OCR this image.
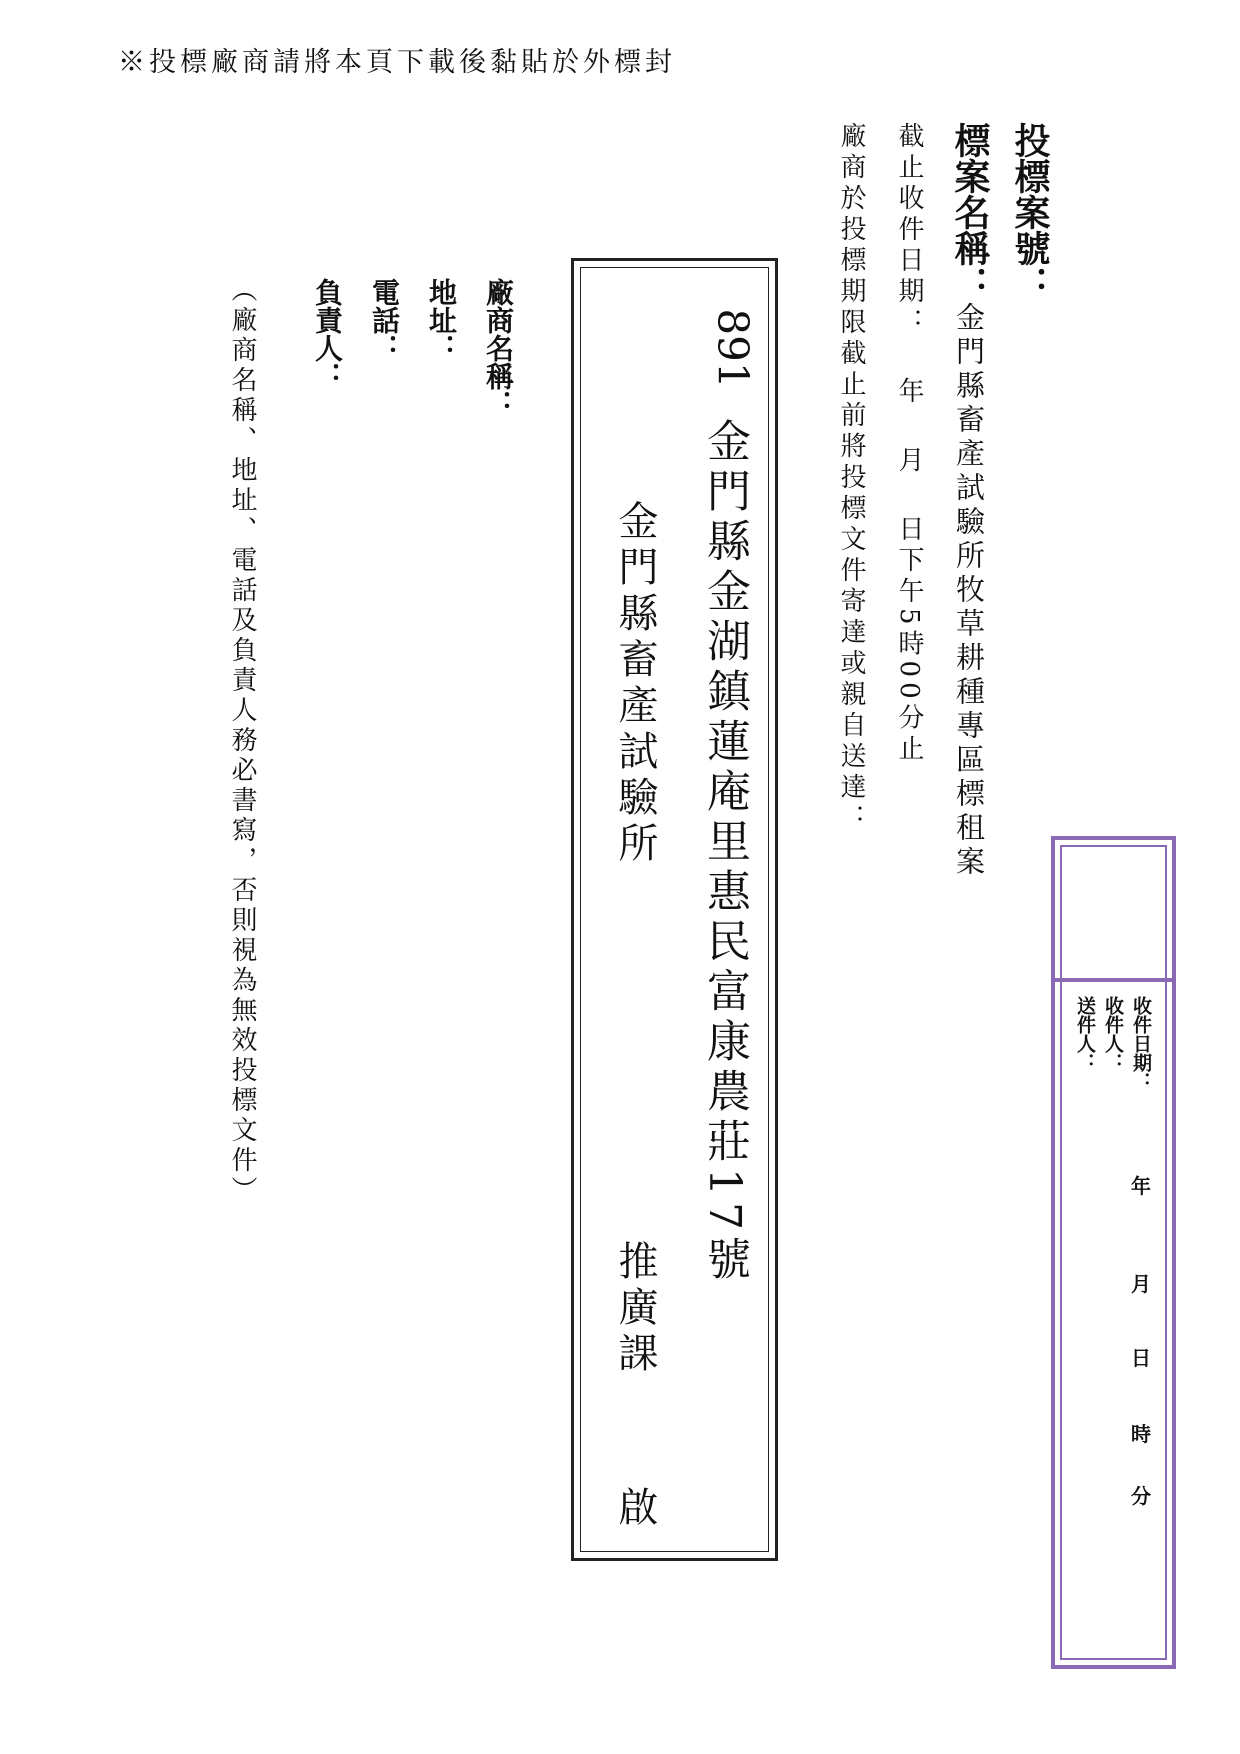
※投標廠商請將本頁下載後黏貼於外標封
投標案號：
標案名稱：金門縣畜產試驗所牧草耕種專區標租案
截止收件日期：年月日下午5時00分止
廠商於投標期限截止前將投標文件寄達或親自送達：
891
金門縣金湖鎮蓮庵里惠民富康農莊17號
金門縣畜產試驗所
推廣課
啟
廠商名稱：
地址：
電話：
負責人：
（廠商名稱、地址、電話及負責人務必書寫，否則視為無效投標文件）	收件日期：
收件人：
送件人：
年
月
日
時
分
